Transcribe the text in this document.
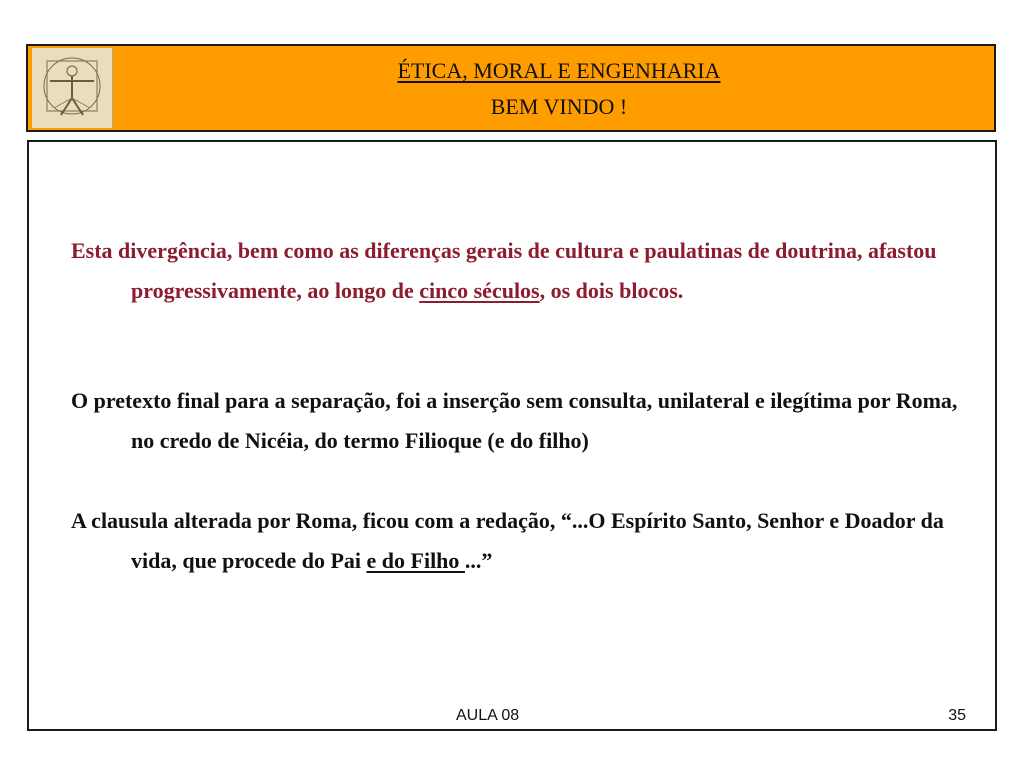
ÉTICA, MORAL E ENGENHARIA
BEM VINDO !
Esta divergência, bem como as diferenças gerais de cultura e paulatinas de doutrina, afastou progressivamente, ao longo de cinco séculos, os dois blocos.
O pretexto final para a separação, foi a inserção sem consulta, unilateral e ilegítima por Roma, no credo de Nicéia, do termo Filioque (e do filho)
A clausula alterada por Roma, ficou com a redação, “...O Espírito Santo, Senhor e Doador da vida, que procede do Pai e do Filho ...”
AULA 08	35
